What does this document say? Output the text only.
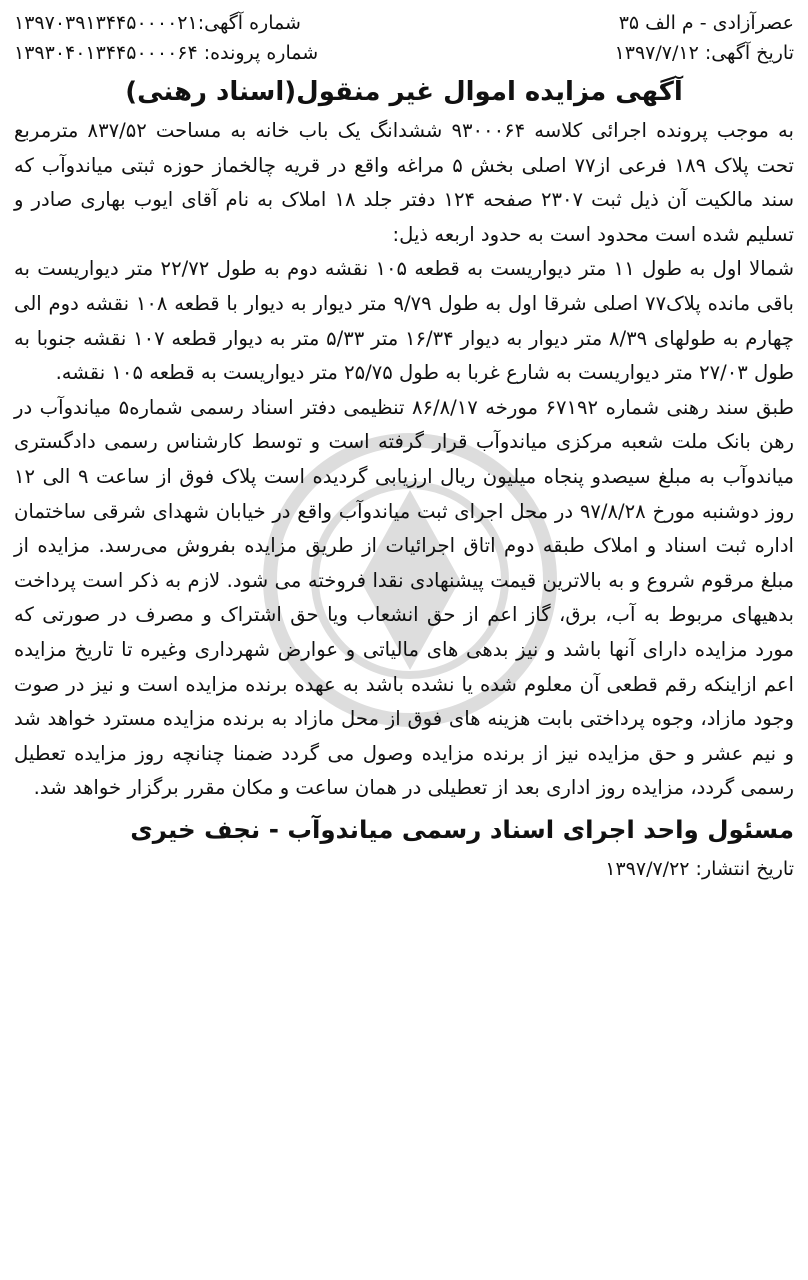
عصرآزادی - م الف ۳۵
شماره آگهی:۱۳۹۷۰۳۹۱۳۴۴۵۰۰۰۰۲۱
تاریخ آگهی: ۱۳۹۷/۷/۱۲
شماره پرونده: ۱۳۹۳۰۴۰۱۳۴۴۵۰۰۰۰۶۴
آگهی مزایده اموال غیر منقول(اسناد رهنی)

به موجب پرونده اجرائی کلاسه ۹۳۰۰۰۶۴ ششدانگ یک باب خانه به مساحت ۸۳۷/۵۲ مترمربع تحت پلاک ۱۸۹ فرعی از۷۷ اصلی بخش ۵ مراغه واقع در قریه چالخماز حوزه ثبتی میاندوآب که سند مالکیت آن ذیل ثبت ۲۳۰۷ صفحه ۱۲۴ دفتر جلد ۱۸ املاک به نام آقای ایوب بهاری صادر و تسلیم شده است محدود است به حدود اربعه ذیل:

شمالا اول به طول ۱۱ متر دیواریست به قطعه ۱۰۵ نقشه دوم به طول ۲۲/۷۲ متر دیواریست به باقی مانده پلاک۷۷ اصلی شرقا اول به طول ۹/۷۹ متر دیوار به دیوار با قطعه ۱۰۸ نقشه دوم الی چهارم به طولهای ۸/۳۹ متر دیوار به دیوار ۱۶/۳۴ متر ۵/۳۳ متر به دیوار قطعه ۱۰۷ نقشه جنوبا به طول ۲۷/۰۳ متر دیواریست به شارع غربا به طول ۲۵/۷۵ متر دیواریست به قطعه ۱۰۵ نقشه.

طبق سند رهنی شماره ۶۷۱۹۲ مورخه ۸۶/۸/۱۷ تنظیمی دفتر اسناد رسمی شماره۵ میاندوآب در رهن بانک ملت شعبه مرکزی میاندوآب قرار گرفته است و توسط کارشناس رسمی دادگستری میاندوآب به مبلغ سیصدو پنجاه میلیون ریال ارزیابی گردیده است پلاک فوق از ساعت ۹ الی ۱۲ روز دوشنبه مورخ ۹۷/۸/۲۸ در محل اجرای ثبت میاندوآب واقع در خیابان شهدای شرقی ساختمان اداره ثبت اسناد و املاک طبقه دوم اتاق اجرائیات از طریق مزایده بفروش می‌رسد. مزایده از مبلغ مرقوم شروع و به بالاترین قیمت پیشنهادی نقدا فروخته می شود. لازم به ذکر است پرداخت بدهیهای مربوط به آب، برق، گاز اعم از حق انشعاب ویا حق اشتراک و مصرف در صورتی که مورد مزایده دارای آنها باشد و نیز بدهی های مالیاتی و عوارض شهرداری وغیره تا تاریخ مزایده اعم ازاینکه رقم قطعی آن معلوم شده یا نشده باشد به عهده برنده مزایده است و نیز در صوت وجود مازاد، وجوه پرداختی بابت هزینه های فوق از محل مازاد به برنده مزایده مسترد خواهد شد و نیم عشر و حق مزایده نیز از برنده مزایده وصول می گردد ضمنا چنانچه روز مزایده تعطیل رسمی گردد، مزایده روز اداری بعد از تعطیلی در همان ساعت و مکان مقرر برگزار خواهد شد.

مسئول واحد اجرای اسناد رسمی میاندوآب - نجف خیری
تاریخ انتشار: ۱۳۹۷/۷/۲۲
